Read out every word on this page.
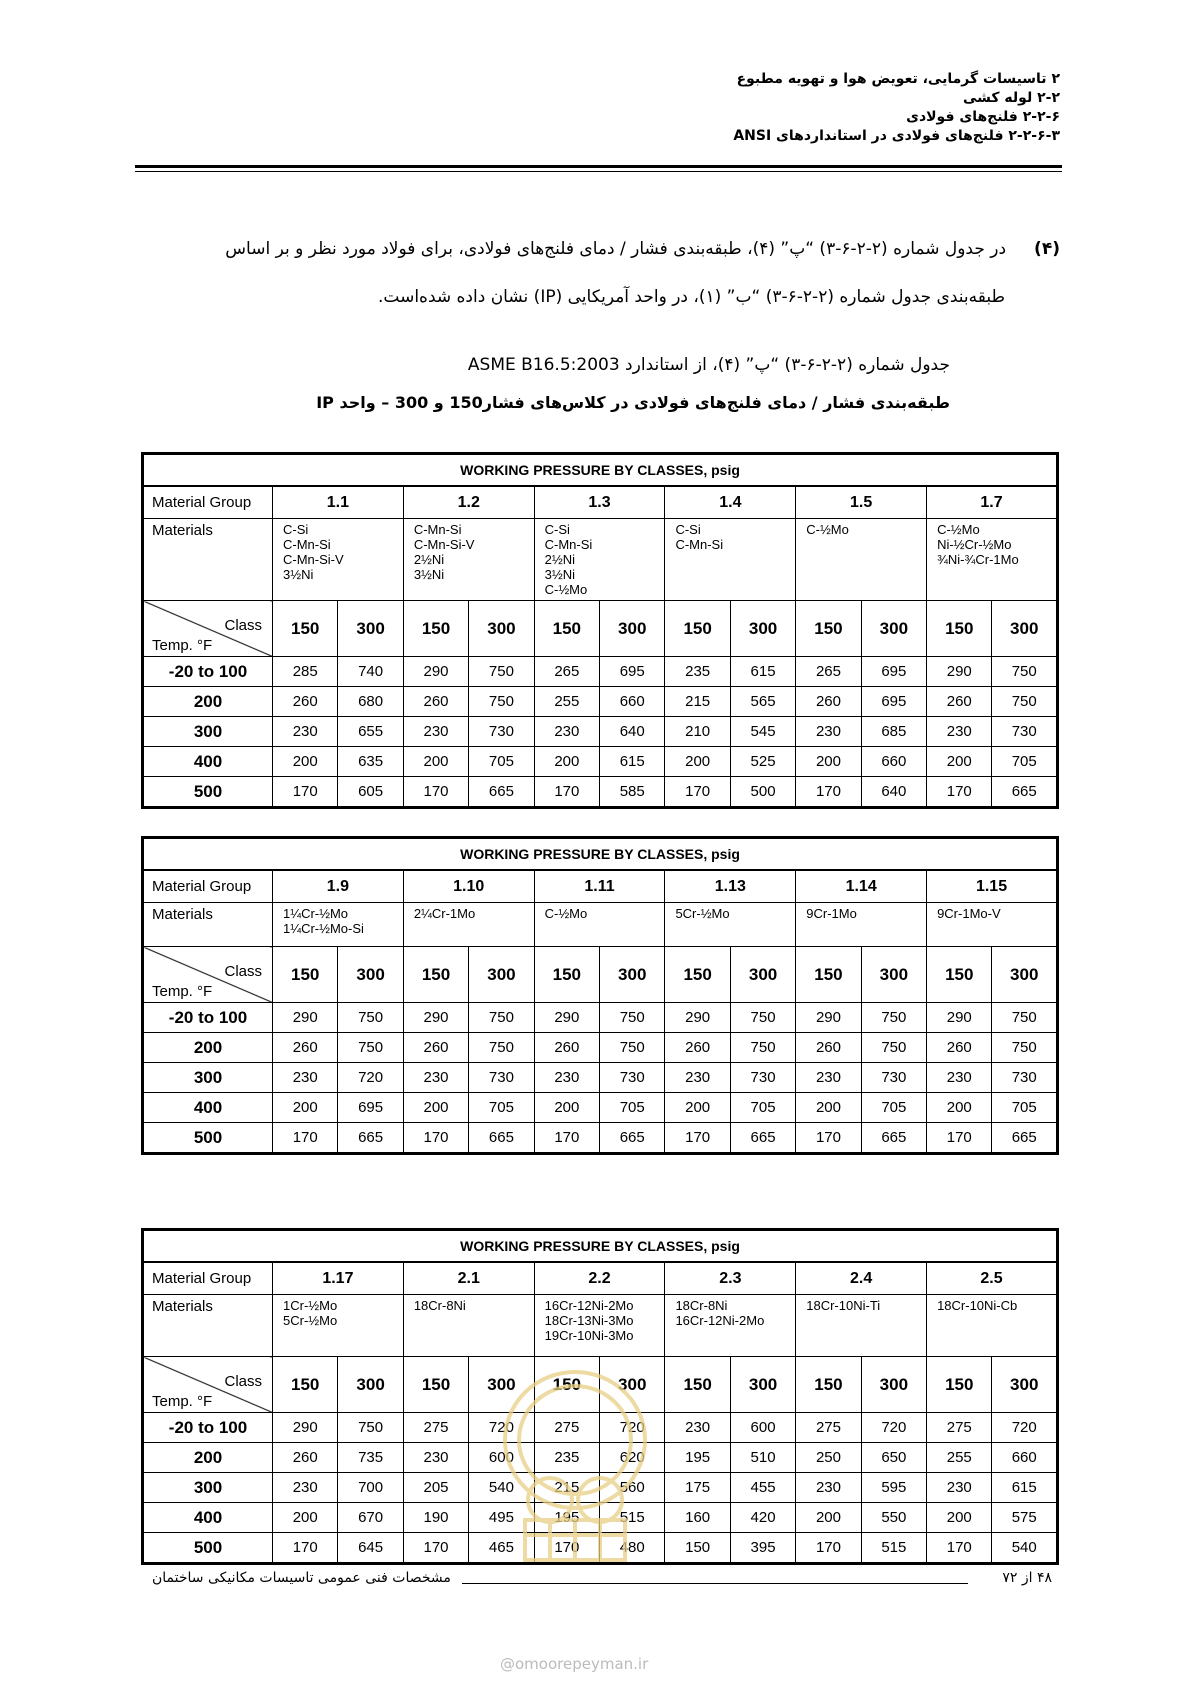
۲ تاسیسات گرمایی، تعویض هوا و تهویه مطبوع
۲-۲ لوله کشی
۲-۲-۶ فلنج‌های فولادی
۲-۲-۶-۳ فلنج‌های فولادی در استانداردهای ANSI
(۴)در جدول شماره (۲-۲-۶-۳) “پ” (۴)، طبقه‌بندی فشار / دمای فلنج‌های فولادی، برای فولاد مورد نظر و بر اساس
طبقه‌بندی جدول شماره (۲-۲-۶-۳) “ب” (۱)، در واحد آمریکایی (IP) نشان داده شده‌است.
جدول شماره (۲-۲-۶-۳) “پ” (۴)، از استاندارد ASME B16.5:2003
طبقه‌بندی فشار / دمای فلنج‌های فولادی در کلاس‌های فشار150 و 300 – واحد IP
WORKING PRESSURE BY CLASSES, psig												
Material Group	1.1		1.2		1.3		1.4		1.5		1.7	
Materials	C-Si
C-Mn-Si
C-Mn-Si-V
3½Ni		C-Mn-Si
C-Mn-Si-V
2½Ni
3½Ni		C-Si
C-Mn-Si
2½Ni
3½Ni
C-½Mo		C-Si
C-Mn-Si		C-½Mo		C-½Mo
Ni-½Cr-½Mo
¾Ni-¾Cr-1Mo	

Class
Temp. °F	150	300	150	300	150	300	150	300	150	300	150	300
-20 to 100	285	740	290	750	265	695	235	615	265	695	290	750
200	260	680	260	750	255	660	215	565	260	695	260	750
300	230	655	230	730	230	640	210	545	230	685	230	730
400	200	635	200	705	200	615	200	525	200	660	200	705
500	170	605	170	665	170	585	170	500	170	640	170	665
WORKING PRESSURE BY CLASSES, psig												
Material Group	1.9		1.10		1.11		1.13		1.14		1.15	
Materials	1¼Cr-½Mo
1¼Cr-½Mo-Si		2¼Cr-1Mo		C-½Mo		5Cr-½Mo		9Cr-1Mo		9Cr-1Mo-V	

Class
Temp. °F	150	300	150	300	150	300	150	300	150	300	150	300
-20 to 100	290	750	290	750	290	750	290	750	290	750	290	750
200	260	750	260	750	260	750	260	750	260	750	260	750
300	230	720	230	730	230	730	230	730	230	730	230	730
400	200	695	200	705	200	705	200	705	200	705	200	705
500	170	665	170	665	170	665	170	665	170	665	170	665
WORKING PRESSURE BY CLASSES, psig												
Material Group	1.17		2.1		2.2		2.3		2.4		2.5	
Materials	1Cr-½Mo
5Cr-½Mo		18Cr-8Ni		16Cr-12Ni-2Mo
18Cr-13Ni-3Mo
19Cr-10Ni-3Mo		18Cr-8Ni
16Cr-12Ni-2Mo		18Cr-10Ni-Ti		18Cr-10Ni-Cb	

Class
Temp. °F	150	300	150	300	150	300	150	300	150	300	150	300
-20 to 100	290	750	275	720	275	720	230	600	275	720	275	720
200	260	735	230	600	235	620	195	510	250	650	255	660
300	230	700	205	540	215	560	175	455	230	595	230	615
400	200	670	190	495	195	515	160	420	200	550	200	575
500	170	645	170	465	170	480	150	395	170	515	170	540
۴۸ از ۷۲
مشخصات فنی عمومی تاسیسات مکانیکی ساختمان
@omoorepeyman.ir
